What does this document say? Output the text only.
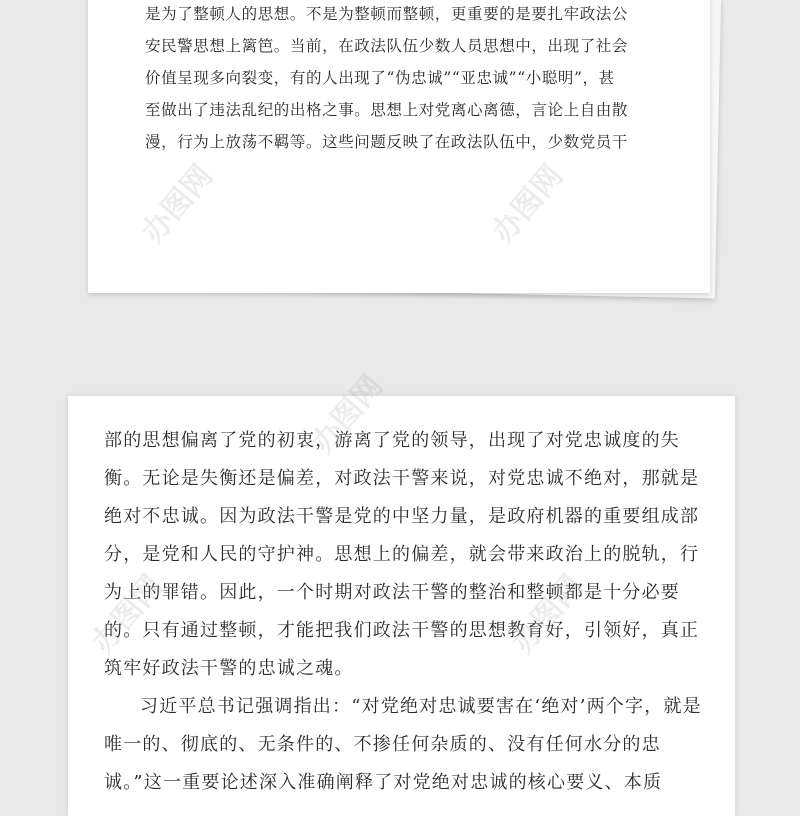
是为了整顿人的思想。不是为整顿而整顿，更重要的是要扎牢政法公
安民警思想上篱笆。当前，在政法队伍少数人员思想中，出现了社会
价值呈现多向裂变，有的人出现了“伪忠诚”“亚忠诚”“小聪明”，甚
至做出了违法乱纪的出格之事。思想上对党离心离德，言论上自由散
漫，行为上放荡不羁等。这些问题反映了在政法队伍中，少数党员干

部的思想偏离了党的初衷，游离了党的领导，出现了对党忠诚度的失衡。无论是失衡还是偏差，对政法干警来说，对党忠诚不绝对，那就是绝对不忠诚。因为政法干警是党的中坚力量，是政府机器的重要组成部分，是党和人民的守护神。思想上的偏差，就会带来政治上的脱轨，行为上的罪错。因此，一个时期对政法干警的整治和整顿都是十分必要的。只有通过整顿，才能把我们政法干警的思想教育好，引领好，真正筑牢好政法干警的忠诚之魂。

习近平总书记强调指出：“对党绝对忠诚要害在‘绝对’两个字，就是唯一的、彻底的、无条件的、不掺任何杂质的、没有任何水分的忠诚。”这一重要论述深入准确阐释了对党绝对忠诚的核心要义、本质

办图网	办图网
办图网
办图网	办图网
